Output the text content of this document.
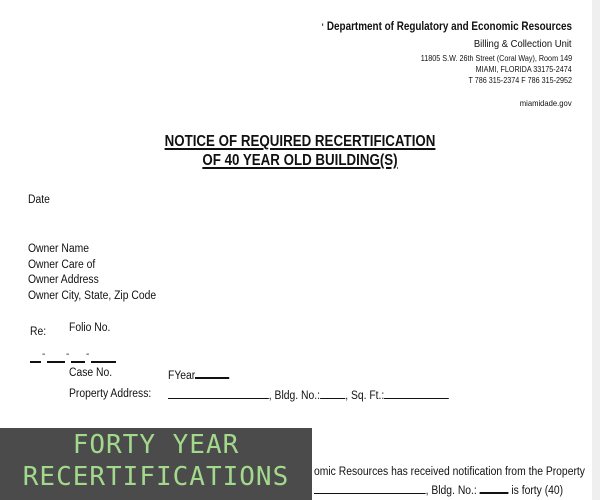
' Department of Regulatory and Economic Resources
Billing & Collection Unit
11805 S.W. 26th Street (Coral Way), Room 149
MIAMI, FLORIDA 33175-2474
T 786 315-2374 F 786 315-2952
miamidade.gov
NOTICE OF REQUIRED RECERTIFICATION
OF 40 YEAR OLD BUILDING(S)
Date
Owner Name
Owner Care of
Owner Address
Owner City, State, Zip Code
Re: Folio No.
- - -
Case No.	FYear
Property Address:	, Bldg. No.: , Sq. Ft.:
omic Resources has received notification from the Property
, Bldg. No.:	is forty (40)
FORTY YEAR
RECERTIFICATIONS
